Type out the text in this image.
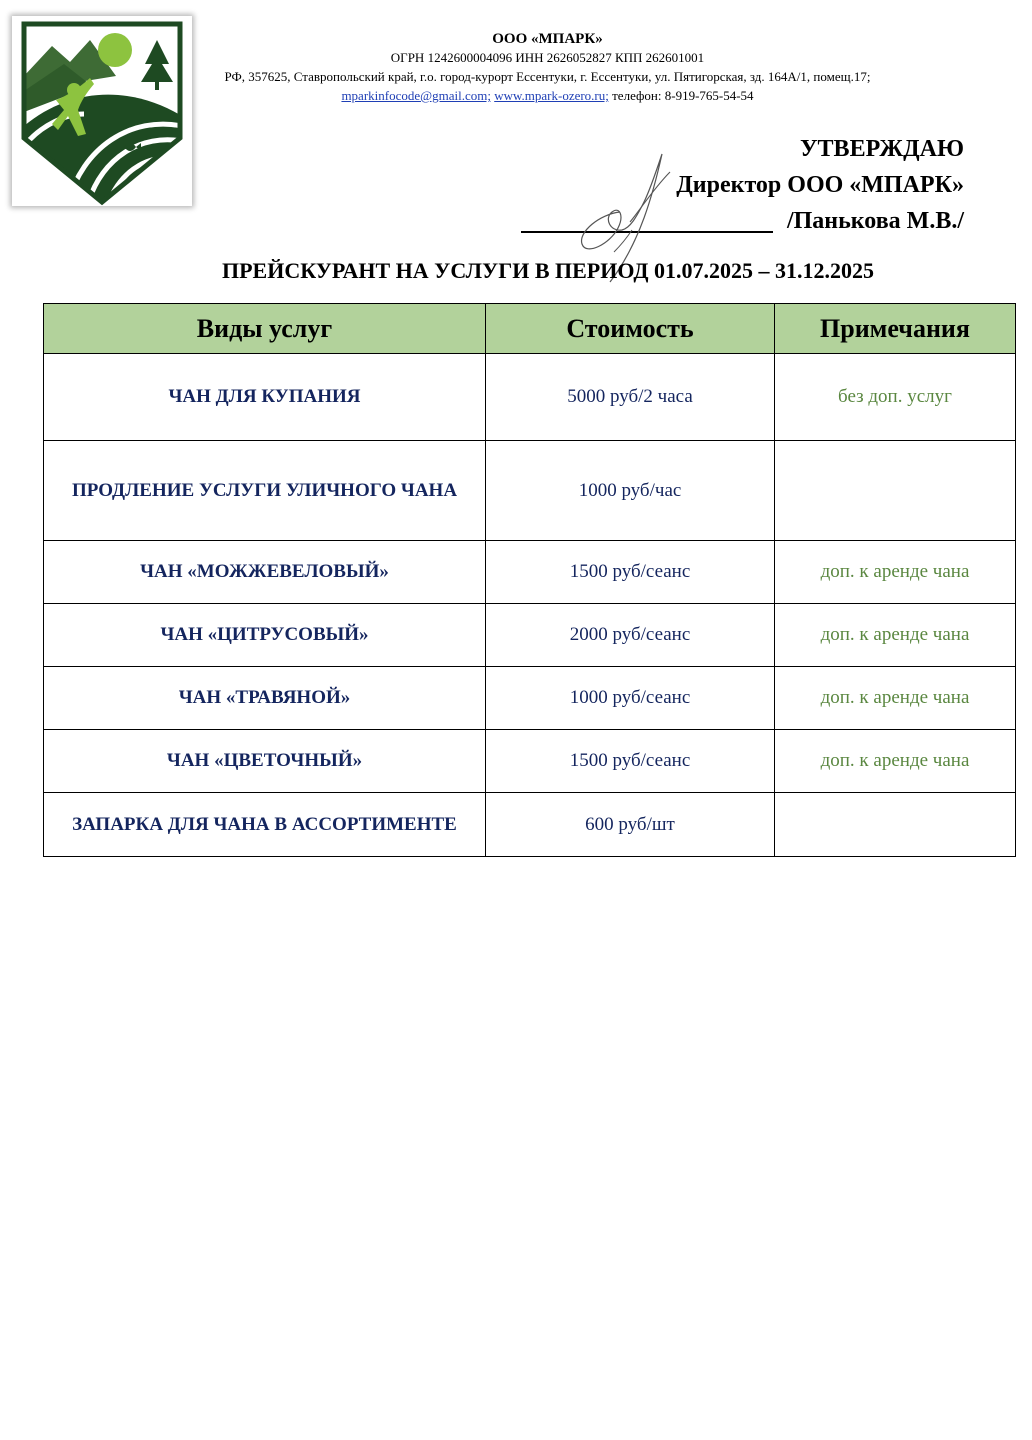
ООО «МПАРК»
ОГРН 1242600004096 ИНН 2626052827 КПП 262601001
РФ, 357625, Ставропольский край, г.о. город-курорт Ессентуки, г. Ессентуки, ул. Пятигорская, зд. 164А/1, помещ.17;
mparkinfocode@gmail.com; www.mpark-ozero.ru; телефон: 8-919-765-54-54
УТВЕРЖДАЮ
Директор ООО «МПАРК»
/Панькова М.В./
ПРЕЙСКУРАНТ НА УСЛУГИ В ПЕРИОД 01.07.2025 – 31.12.2025
Виды услуг	Стоимость	Примечания
ЧАН ДЛЯ КУПАНИЯ	5000 руб/2 часа	без доп. услуг
ПРОДЛЕНИЕ УСЛУГИ УЛИЧНОГО ЧАНА	1000 руб/час	
ЧАН «МОЖЖЕВЕЛОВЫЙ»	1500 руб/сеанс	доп. к аренде чана
ЧАН «ЦИТРУСОВЫЙ»	2000 руб/сеанс	доп. к аренде чана
ЧАН «ТРАВЯНОЙ»	1000 руб/сеанс	доп. к аренде чана
ЧАН «ЦВЕТОЧНЫЙ»	1500 руб/сеанс	доп. к аренде чана
ЗАПАРКА ДЛЯ ЧАНА В АССОРТИМЕНТЕ	600 руб/шт	
